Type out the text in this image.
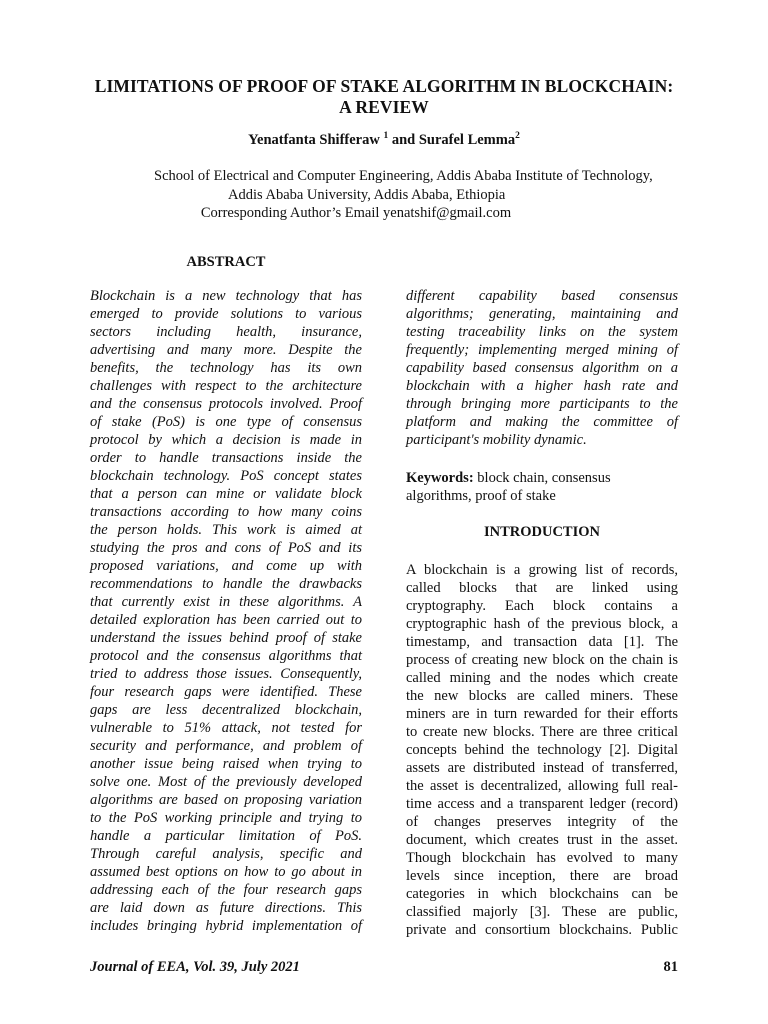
LIMITATIONS OF PROOF OF STAKE ALGORITHM IN BLOCKCHAIN:
A REVIEW
Yenatfanta Shifferaw $^1$ and Surafel Lemma$^2$
School of Electrical and Computer Engineering, Addis Ababa Institute of Technology,
Addis Ababa University, Addis Ababa, Ethiopia
Corresponding Author’s Email yenatshif@gmail.com
ABSTRACT
Blockchain is a new technology that has
emerged to provide solutions to various
sectors including health, insurance,
advertising and many more. Despite the
benefits, the technology has its own
challenges with respect to the architecture
and the consensus protocols involved. Proof
of stake (PoS) is one type of consensus
protocol by which a decision is made in
order to handle transactions inside the
blockchain technology. PoS concept states
that a person can mine or validate block
transactions according to how many coins
the person holds. This work is aimed at
studying the pros and cons of PoS and its
proposed variations, and come up with
recommendations to handle the drawbacks
that currently exist in these algorithms. A
detailed exploration has been carried out to
understand the issues behind proof of stake
protocol and the consensus algorithms that
tried to address those issues. Consequently,
four research gaps were identified. These
gaps are less decentralized blockchain,
vulnerable to 51% attack, not tested for
security and performance, and problem of
another issue being raised when trying to
solve one. Most of the previously developed
algorithms are based on proposing variation
to the PoS working principle and trying to
handle a particular limitation of PoS.
Through careful analysis, specific and
assumed best options on how to go about in
addressing each of the four research gaps
are laid down as future directions. This
includes bringing hybrid implementation of
different capability based consensus
algorithms; generating, maintaining and
testing traceability links on the system
frequently; implementing merged mining of
capability based consensus algorithm on a
blockchain with a higher hash rate and
through bringing more participants to the
platform and making the committee of
participant's mobility dynamic.
Keywords: block chain, consensus
algorithms, proof of stake
INTRODUCTION
A blockchain is a growing list of records,
called blocks that are linked using
cryptography. Each block contains a
cryptographic hash of the previous block, a
timestamp, and transaction data [1]. The
process of creating new block on the chain is
called mining and the nodes which create
the new blocks are called miners. These
miners are in turn rewarded for their efforts
to create new blocks. There are three critical
concepts behind the technology [2]. Digital
assets are distributed instead of transferred,
the asset is decentralized, allowing full real-
time access and a transparent ledger (record)
of changes preserves integrity of the
document, which creates trust in the asset.
Though blockchain has evolved to many
levels since inception, there are broad
categories in which blockchains can be
classified majorly [3]. These are public,
private and consortium blockchains. Public
Journal of EEA, Vol. 39, July 2021	81
